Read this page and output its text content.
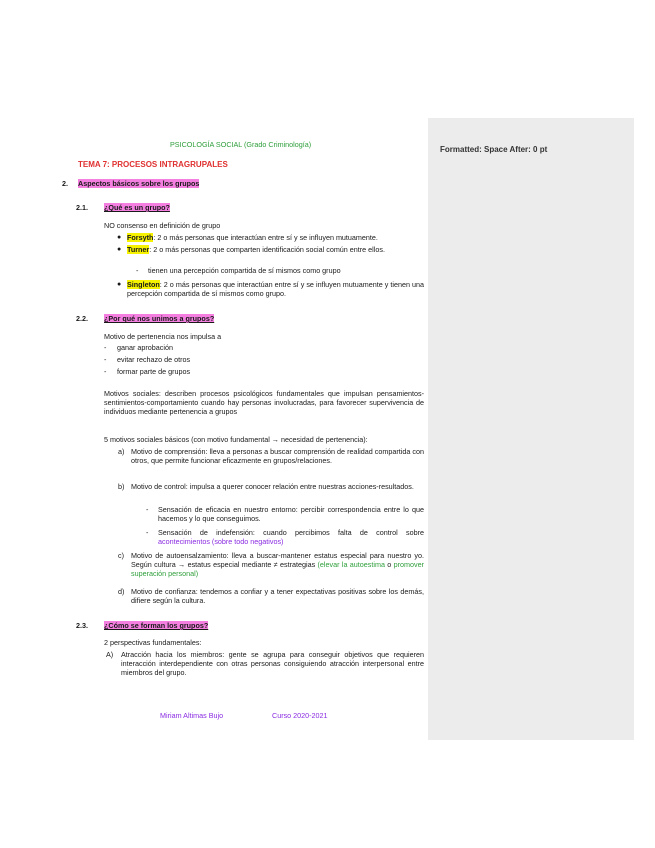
Formatted: Space After: 0 pt
PSICOLOGÍA SOCIAL (Grado Criminología)
TEMA 7: PROCESOS INTRAGRUPALES
2. Aspectos básicos sobre los grupos
2.1. ¿Qué es un grupo?
NO consenso en definición de grupo
● Forsyth: 2 o más personas que interactúan entre sí y se influyen mutuamente.
● Turner: 2 o más personas que comparten identificación social común entre ellos.
- tienen una percepción compartida de sí mismos como grupo
● Singleton: 2 o más personas que interactúan entre sí y se influyen mutuamente y tienen una percepción compartida de sí mismos como grupo.
2.2. ¿Por qué nos unimos a grupos?
Motivo de pertenencia nos impulsa a
- ganar aprobación
- evitar rechazo de otros
- formar parte de grupos
Motivos sociales: describen procesos psicológicos fundamentales que impulsan pensamientos-sentimientos-comportamiento cuando hay personas involucradas, para favorecer supervivencia de individuos mediante pertenencia a grupos
5 motivos sociales básicos (con motivo fundamental → necesidad de pertenencia):
a) Motivo de comprensión: lleva a personas a buscar comprensión de realidad compartida con otros, que permite funcionar eficazmente en grupos/relaciones.
b) Motivo de control: impulsa a querer conocer relación entre nuestras acciones-resultados.
- Sensación de eficacia en nuestro entorno: percibir correspondencia entre lo que hacemos y lo que conseguimos.
- Sensación de indefensión: cuando percibimos falta de control sobre acontecimientos (sobre todo negativos)
c) Motivo de autoensalzamiento: lleva a buscar-mantener estatus especial para nuestro yo. Según cultura → estatus especial mediante ≠ estrategias (elevar la autoestima o promover superación personal)
d) Motivo de confianza: tendemos a confiar y a tener expectativas positivas sobre los demás, difiere según la cultura.
2.3. ¿Cómo se forman los grupos?
2 perspectivas fundamentales:
A) Atracción hacia los miembros: gente se agrupa para conseguir objetivos que requieren interacción interdependiente con otras personas consiguiendo atracción interpersonal entre miembros del grupo.
Miriam Altimas Bujo	Curso 2020-2021
